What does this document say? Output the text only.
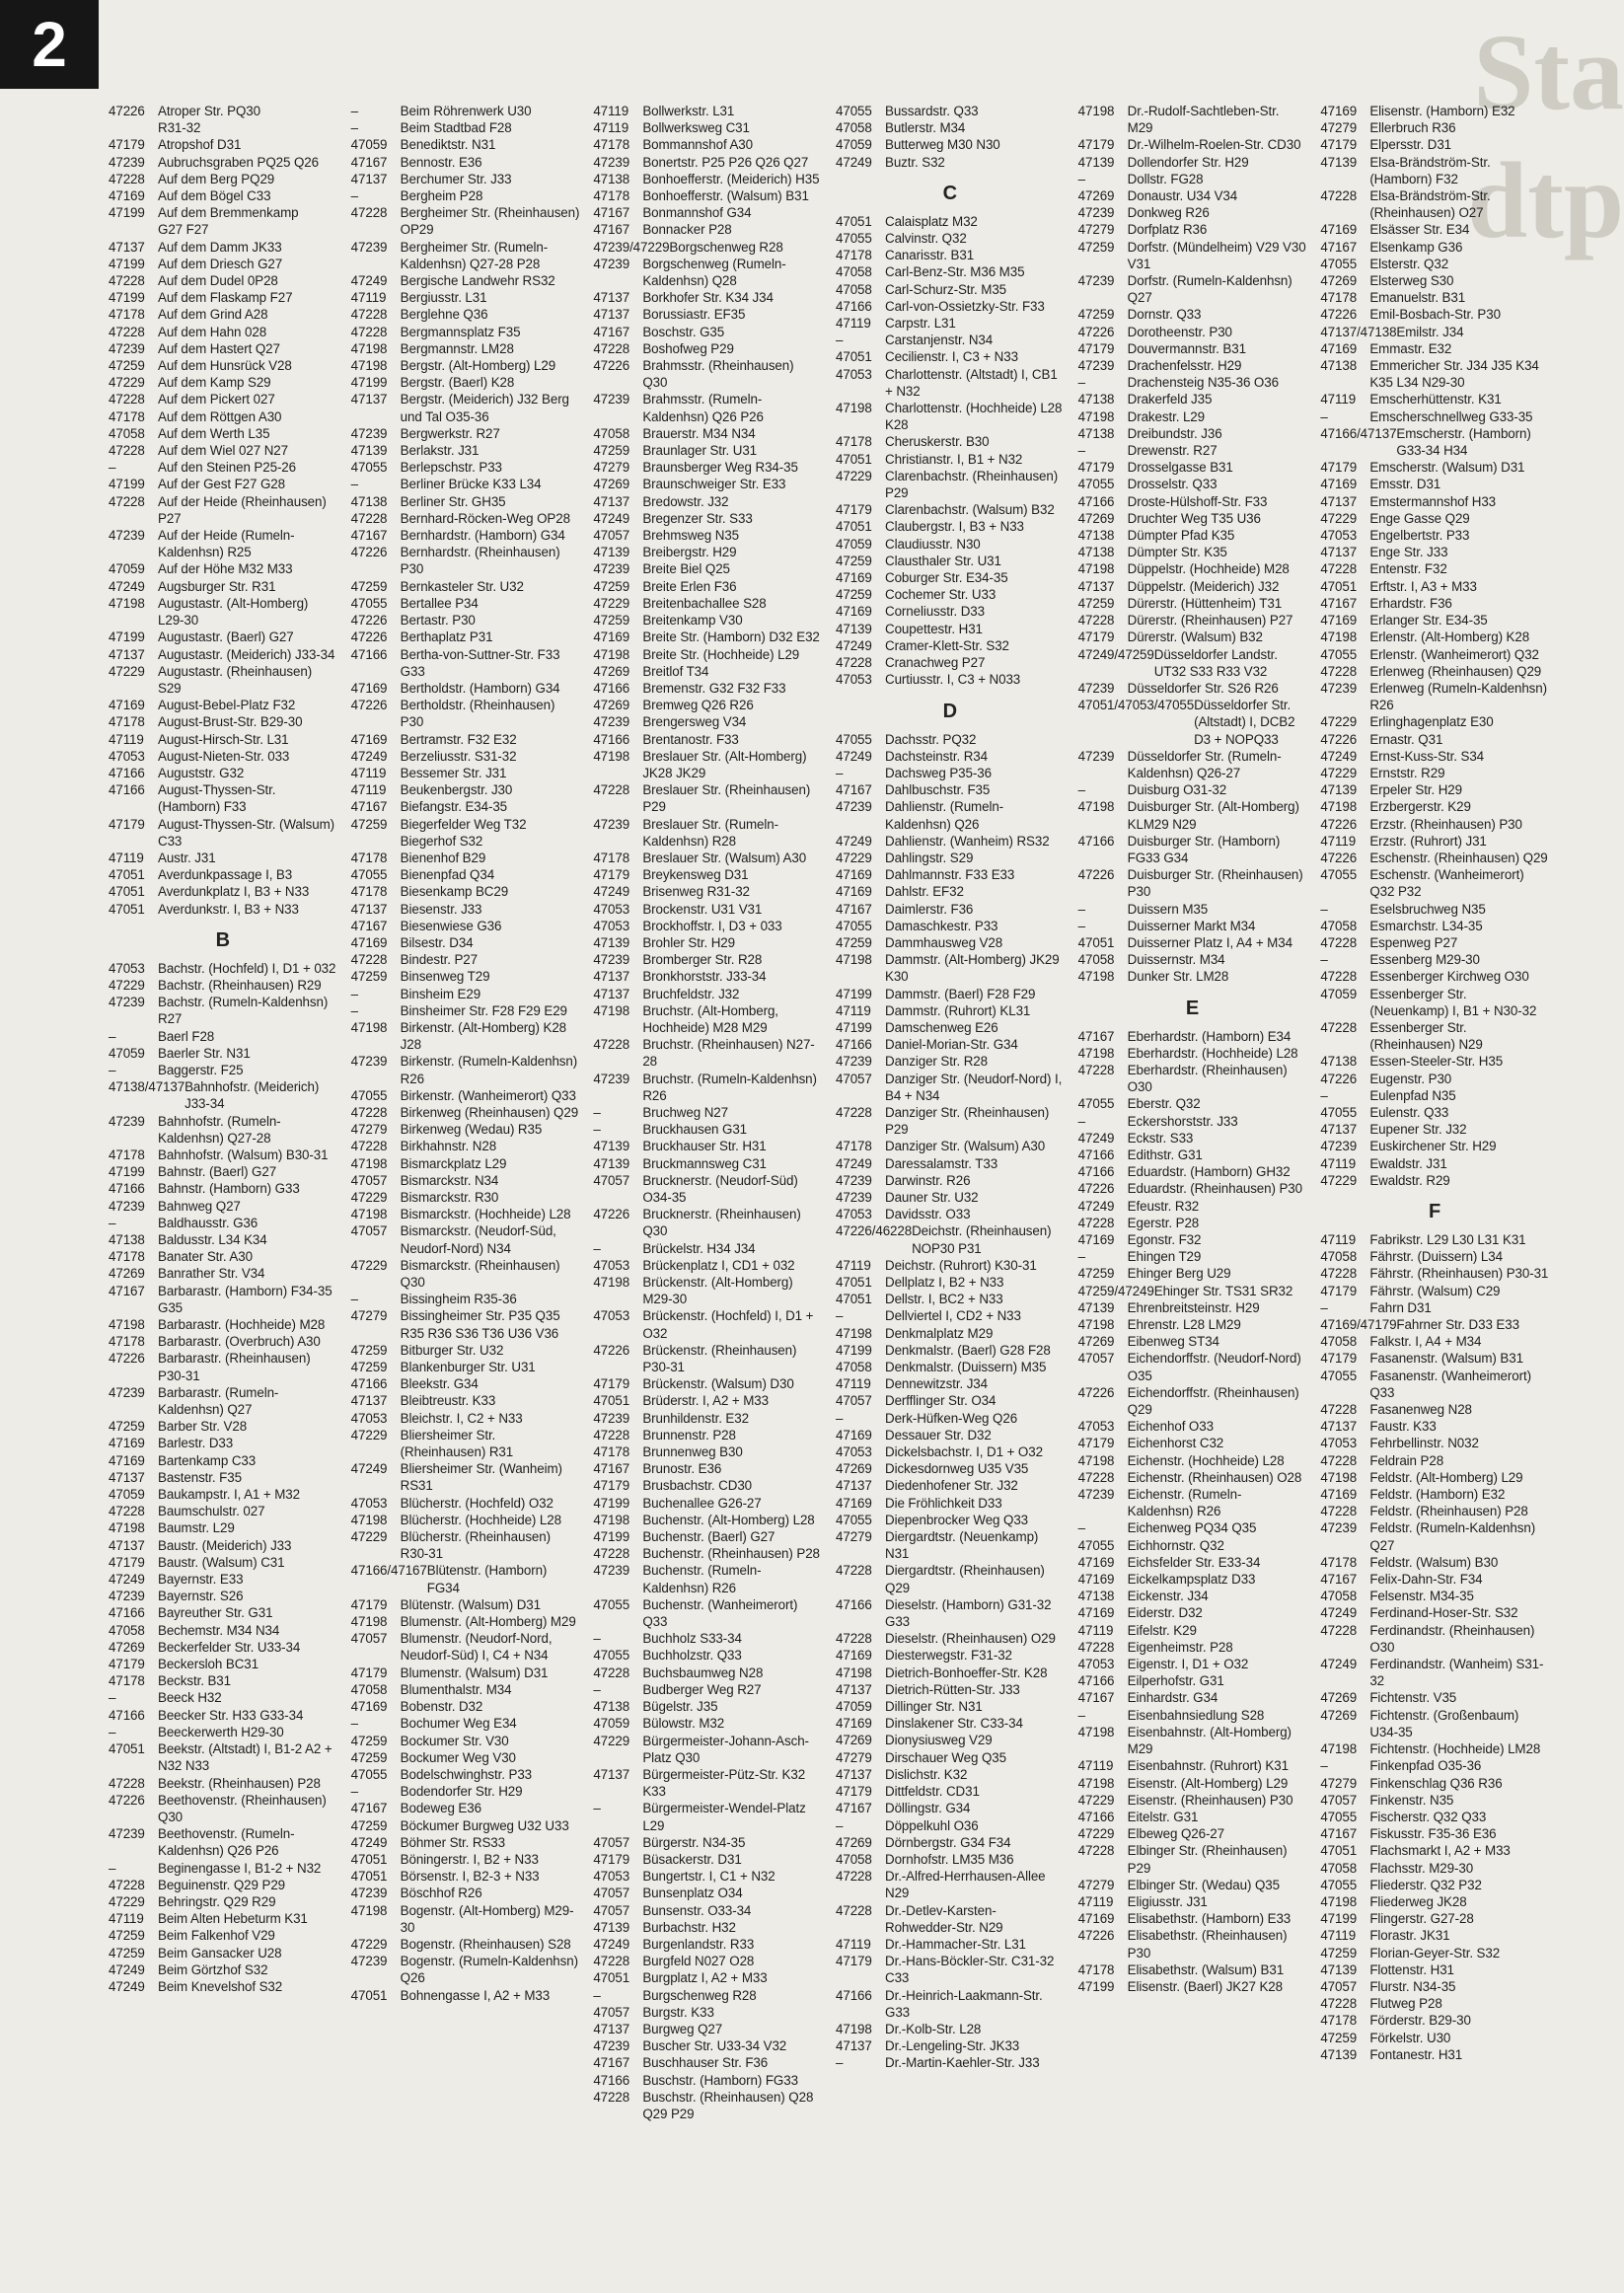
2	Sta
dtp
47226 Atroper Str. PQ30
R31-32
47179 Atropshof D31
47239 Aubruchsgraben PQ25 Q26
47228 Auf dem Berg PQ29
47169 Auf dem Bögel C33
47199 Auf dem Bremmenkamp
G27 F27
47137 Auf dem Damm JK33
47199 Auf dem Driesch G27
47228 Auf dem Dudel 0P28
47199 Auf dem Flaskamp F27
47178 Auf dem Grind A28
47228 Auf dem Hahn 028
47239 Auf dem Hastert Q27
47259 Auf dem Hunsrück V28
47229 Auf dem Kamp S29
47228 Auf dem Pickert 027
47178 Auf dem Röttgen A30
47058 Auf dem Werth L35
47228 Auf dem Wiel 027 N27
–	Auf den Steinen P25-26
47199 Auf der Gest F27 G28
47228 Auf der Heide (Rheinhausen) P27
47239 Auf der Heide (Rumeln-Kaldenhsn) R25
47059 Auf der Höhe M32 M33
47249 Augsburger Str. R31
47198 Augustastr. (Alt-Homberg) L29-30
47199 Augustastr. (Baerl) G27
47137 Augustastr. (Meiderich) J33-34
47229 Augustastr. (Rheinhausen) S29
47169 August-Bebel-Platz F32
47178 August-Brust-Str. B29-30
47119	August-Hirsch-Str. L31
47053 August-Nieten-Str. 033
47166 Auguststr. G32
47166 August-Thyssen-Str. (Hamborn) F33
47179 August-Thyssen-Str. (Walsum) C33
47119	Austr. J31
47051 Averdunkpassage I, B3
47051 Averdunkplatz I, B3 + N33
47051 Averdunkstr. I, B3 + N33
B
47053 Bachstr. (Hochfeld) I, D1 + 032
47229 Bachstr. (Rheinhausen) R29
47239 Bachstr. (Rumeln-Kaldenhsn) R27
–	Baerl F28
47059 Baerler Str. N31
–	Baggerstr. F25
47138/47137 Bahnhofstr. (Meiderich) J33-34
47239 Bahnhofstr. (Rumeln-Kaldenhsn) Q27-28
47178 Bahnhofstr. (Walsum) B30-31
47199 Bahnstr. (Baerl) G27
47166 Bahnstr. (Hamborn) G33
47239 Bahnweg Q27
–	Baldhausstr. G36
47138 Baldusstr. L34 K34
47178 Banater Str. A30
47269 Banrather Str. V34
47167 Barbarastr. (Hamborn) F34-35 G35
47198 Barbarastr. (Hochheide) M28
47178 Barbarastr. (Overbruch) A30
47226 Barbarastr. (Rheinhausen) P30-31
47239 Barbarastr. (Rumeln-Kaldenhsn) Q27
47259 Barber Str. V28
47169 Barlestr. D33
47169 Bartenkamp C33
47137 Bastenstr. F35
47059 Baukampstr. I, A1 + M32
47228 Baumschulstr. 027
47198 Baumstr. L29
47137 Baustr. (Meiderich) J33
47179 Baustr. (Walsum) C31
47249 Bayernstr. E33
47239 Bayernstr. S26
47166 Bayreuther Str. G31
47058 Bechemstr. M34 N34
47269 Beckerfelder Str. U33-34
47179 Beckersloh BC31
47178 Beckstr. B31
–	Beeck H32
47166 Beecker Str. H33 G33-34
–	Beeckerwerth H29-30
47051 Beekstr. (Altstadt) I, B1-2 A2 + N32 N33
47228 Beekstr. (Rheinhausen) P28
47226 Beethovenstr. (Rheinhausen) Q30
47239 Beethovenstr. (Rumeln-Kaldenhsn) Q26 P26
–	Beginengasse I, B1-2 + N32
47228 Beguinenstr. Q29 P29
47229 Behringstr. Q29 R29
47119	Beim Alten Hebeturm K31
47259 Beim Falkenhof V29
47259 Beim Gansacker U28
47249 Beim Görtzhof S32
47249 Beim Knevelshof S32
–	Beim Röhrenwerk U30
–	Beim Stadtbad F28
47059 Benediktstr. N31
47167 Bennostr. E36
47137 Berchumer Str. J33
–	Bergheim P28
47228 Bergheimer Str. (Rheinhausen) OP29
47239 Bergheimer Str. (Rumeln-Kaldenhsn) Q27-28 P28
47249 Bergische Landwehr RS32
47119	Bergiusstr. L31
47228 Berglehne Q36
47228 Bergmannsplatz F35
47198 Bergmannstr. LM28
47198 Bergstr. (Alt-Homberg) L29
47199 Bergstr. (Baerl) K28
47137 Bergstr. (Meiderich) J32 Berg und Tal O35-36
47239 Bergwerkstr. R27
47139 Berlakstr. J31
47055 Berlepschstr. P33
–	Berliner Brücke K33 L34
47138 Berliner Str. GH35
47228 Bernhard-Röcken-Weg OP28
47167 Bernhardstr. (Hamborn) G34
47226 Bernhardstr. (Rheinhausen) P30
47259 Bernkasteler Str. U32
47055 Bertallee P34
47226 Bertastr. P30
47226 Berthaplatz P31
47166 Bertha-von-Suttner-Str. F33 G33
47169 Bertholdstr. (Hamborn) G34
47226 Bertholdstr. (Rheinhausen) P30
47169 Bertramstr. F32 E32
47249 Berzeliusstr. S31-32
47119	Bessemer Str. J31
47119	Beukenbergstr. J30
47167 Biefangstr. E34-35
47259 Biegerfelder Weg T32 Biegerhof S32
47178 Bienenhof B29
47055 Bienenpfad Q34
47178 Biesenkamp BC29
47137 Biesenstr. J33
47167 Biesenwiese G36
47169 Bilsestr. D34
47228 Bindestr. P27
47259 Binsenweg T29
–	Binsheim E29
–	Binsheimer Str. F28 F29 E29
47198 Birkenstr. (Alt-Homberg) K28 J28
47239 Birkenstr. (Rumeln-Kaldenhsn) R26
47055 Birkenstr. (Wanheimerort) Q33
47228 Birkenweg (Rheinhausen) Q29
47279 Birkenweg (Wedau) R35
47228 Birkhahnstr. N28
47198 Bismarckplatz L29
47057 Bismarckstr. N34
47229 Bismarckstr. R30
47198 Bismarckstr. (Hochheide) L28
47057 Bismarckstr. (Neudorf-Süd, Neudorf-Nord) N34
47229 Bismarckstr. (Rheinhausen) Q30
–	Bissingheim R35-36
47279 Bissingheimer Str. P35 Q35 R35 R36 S36 T36 U36 V36
47259 Bitburger Str. U32
47259 Blankenburger Str. U31
47166 Bleekstr. G34
47137 Bleibtreustr. K33
47053 Bleichstr. I, C2 + N33
47229 Bliersheimer Str. (Rheinhausen) R31
47249 Bliersheimer Str. (Wanheim) RS31
47053 Blücherstr. (Hochfeld) O32
47198 Blücherstr. (Hochheide) L28
47229 Blücherstr. (Rheinhausen) R30-31
47166/47167 Blütenstr. (Hamborn) FG34
47179 Blütenstr. (Walsum) D31
47198 Blumenstr. (Alt-Homberg) M29
47057 Blumenstr. (Neudorf-Nord, Neudorf-Süd) I, C4 + N34
47179 Blumenstr. (Walsum) D31
47058 Blumenthalstr. M34
47169 Bobenstr. D32
–	Bochumer Weg E34
47259 Bockumer Str. V30
47259 Bockumer Weg V30
47055 Bodelschwinghstr. P33
–	Bodendorfer Str. H29
47167 Bodeweg E36
47259 Böckumer Burgweg U32 U33
47249 Böhmer Str. RS33
47051 Böningerstr. I, B2 + N33
47051 Börsenstr. I, B2-3 + N33
47239 Böschhof R26
47198 Bogenstr. (Alt-Homberg) M29-30
47229 Bogenstr. (Rheinhausen) S28
47239 Bogenstr. (Rumeln-Kaldenhsn) Q26
47051 Bohnengasse I, A2 + M33
47119	Bollwerkstr. L31
47119	Bollwerksweg C31
47178 Bommannshof A30
47239 Bonertstr. P25 P26 Q26 Q27
47138 Bonhoefferstr. (Meiderich) H35
47178 Bonhoefferstr. (Walsum) B31
47167 Bonmannshof G34
47167 Bonnacker P28
47239/47229 Borgschenweg R28
47239 Borgschenweg (Rumeln-Kaldenhsn) Q28
47137 Borkhofer Str. K34 J34
47137 Borussiastr. EF35
47167 Boschstr. G35
47228 Boshofweg P29
47226 Brahmsstr. (Rheinhausen) Q30
47239 Brahmsstr. (Rumeln-Kaldenhsn) Q26 P26
47058 Brauerstr. M34 N34
47259 Braunlager Str. U31
47279 Braunsberger Weg R34-35
47269 Braunschweiger Str. E33
47137 Bredowstr. J32
47249 Bregenzer Str. S33
47057 Brehmsweg N35
47139 Breibergstr. H29
47239 Breite Biel Q25
47259 Breite Erlen F36
47229 Breitenbachallee S28
47259 Breitenkamp V30
47169 Breite Str. (Hamborn) D32 E32
47198 Breite Str. (Hochheide) L29
47269 Breitlof T34
47166 Bremenstr. G32 F32 F33
47269 Bremweg Q26 R26
47239 Brengersweg V34
47166 Brentanostr. F33
47198 Breslauer Str. (Alt-Homberg) JK28 JK29
47228 Breslauer Str. (Rheinhausen) P29
47239 Breslauer Str. (Rumeln-Kaldenhsn) R28
47178 Breslauer Str. (Walsum) A30
47179 Breykensweg D31
47249 Brisenweg R31-32
47053 Brockenstr. U31 V31
47053 Brockhoffstr. I, D3 + 033
47139 Brohler Str. H29
47239 Bromberger Str. R28
47137 Bronkhorststr. J33-34
47137 Bruchfeldstr. J32
47198 Bruchstr. (Alt-Homberg, Hochheide) M28 M29
47228 Bruchstr. (Rheinhausen) N27-28
47239 Bruchstr. (Rumeln-Kaldenhsn) R26
–	Bruchweg N27
–	Bruckhausen G31
47139 Bruckhauser Str. H31
47139 Bruckmannsweg C31
47057 Brucknerstr. (Neudorf-Süd) O34-35
47226 Brucknerstr. (Rheinhausen) Q30
–	Brückelstr. H34 J34
47053 Brückenplatz I, CD1 + 032
47198 Brückenstr. (Alt-Homberg) M29-30
47053 Brückenstr. (Hochfeld) I, D1 + O32
47226 Brückenstr. (Rheinhausen) P30-31
47179 Brückenstr. (Walsum) D30
47051 Brüderstr. I, A2 + M33
47239 Brunhildenstr. E32
47228 Brunnenstr. P28
47178 Brunnenweg B30
47167 Brunostr. E36
47179 Brusbachstr. CD30
47199 Buchenallee G26-27
47198 Buchenstr. (Alt-Homberg) L28
47199 Buchenstr. (Baerl) G27
47228 Buchenstr. (Rheinhausen) P28
47239 Buchenstr. (Rumeln-Kaldenhsn) R26
47055 Buchenstr. (Wanheimerort) Q33
–	Buchholz S33-34
47055 Buchholzstr. Q33
47228 Buchsbaumweg N28
–	Budberger Weg R27
47138 Bügelstr. J35
47059 Bülowstr. M32
47229 Bürgermeister-Johann-Asch-Platz Q30
47137 Bürgermeister-Pütz-Str. K32 K33
–	Bürgermeister-Wendel-Platz L29
47057 Bürgerstr. N34-35
47179 Büsackerstr. D31
47053 Bungertstr. I, C1 + N32
47057 Bunsenplatz O34
47057 Bunsenstr. O33-34
47139 Burbachstr. H32
47249 Burgenlandstr. R33
47228 Burgfeld N027 O28
47051 Burgplatz I, A2 + M33
–	Burgschenweg R28
47057 Burgstr. K33
47137 Burgweg Q27
47239 Buscher Str. U33-34 V32
47167 Buschhauser Str. F36
47166 Buschstr. (Hamborn) FG33
47228 Buschstr. (Rheinhausen) Q28 Q29 P29
47055 Bussardstr. Q33
47058 Butlerstr. M34
47059 Butterweg M30 N30
47249 Buztr. S32
C
47051 Calaisplatz M32
47055 Calvinstr. Q32
47178 Canarisstr. B31
47058 Carl-Benz-Str. M36 M35
47058 Carl-Schurz-Str. M35
47166 Carl-von-Ossietzky-Str. F33
47119	Carpstr. L31
–	Carstanjenstr. N34
47051 Cecilienstr. I, C3 + N33
47053 Charlottenstr. (Altstadt) I, CB1 + N32
47198 Charlottenstr. (Hochheide) L28 K28
47178 Cheruskerstr. B30
47051 Christianstr. I, B1 + N32
47229 Clarenbachstr. (Rheinhausen) P29
47179 Clarenbachstr. (Walsum) B32
47051 Claubergstr. I, B3 + N33
47059 Claudiusstr. N30
47259 Clausthaler Str. U31
47169 Coburger Str. E34-35
47259 Cochemer Str. U33
47169 Corneliusstr. D33
47139 Coupettestr. H31
47249 Cramer-Klett-Str. S32
47228 Cranachweg P27
47053 Curtiusstr. I, C3 + N033
D
47055 Dachsstr. PQ32
47249 Dachsteinstr. R34
–	Dachsweg P35-36
47167 Dahlbuschstr. F35
47239 Dahlienstr. (Rumeln-Kaldenhsn) Q26
47249 Dahlienstr. (Wanheim) RS32
47229 Dahlingstr. S29
47169 Dahlmannstr. F33 E33
47169 Dahlstr. EF32
47167 Daimlerstr. F36
47055 Damaschkestr. P33
47259 Dammhausweg V28
47198 Dammstr. (Alt-Homberg) JK29 K30
47199 Dammstr. (Baerl) F28 F29
47119	Dammstr. (Ruhrort) KL31
47199 Damschenweg E26
47166 Daniel-Morian-Str. G34
47239 Danziger Str. R28
47057 Danziger Str. (Neudorf-Nord) I, B4 + N34
47228 Danziger Str. (Rheinhausen) P29
47178 Danziger Str. (Walsum) A30
47249 Daressalamstr. T33
47239 Darwinstr. R26
47239 Dauner Str. U32
47053 Davidsstr. O33
47226/46228 Deichstr. (Rheinhausen) NOP30 P31
47119	Deichstr. (Ruhrort) K30-31
47051 Dellplatz I, B2 + N33
47051 Dellstr. I, BC2 + N33
–	Dellviertel I, CD2 + N33
47198 Denkmalplatz M29
47199 Denkmalstr. (Baerl) G28 F28
47058 Denkmalstr. (Duissern) M35
47119	Dennewitzstr. J34
47057 Derfflinger Str. O34
–	Derk-Hüfken-Weg Q26
47169 Dessauer Str. D32
47053 Dickelsbachstr. I, D1 + O32
47269 Dickesdornweg U35 V35
47137 Diedenhofener Str. J32
47169 Die Fröhlichkeit D33
47055 Diepenbrocker Weg Q33
47279 Diergardtstr. (Neuenkamp) N31
47228 Diergardtstr. (Rheinhausen) Q29
47166 Dieselstr. (Hamborn) G31-32 G33
47228 Dieselstr. (Rheinhausen) O29
47169 Diesterwegstr. F31-32
47198 Dietrich-Bonhoeffer-Str. K28
47137 Dietrich-Rütten-Str. J33
47059 Dillinger Str. N31
47169 Dinslakener Str. C33-34
47269 Dionysiusweg V29
47279 Dirschauer Weg Q35
47137 Dislichstr. K32
47179 Dittfeldstr. CD31
47167 Döllingstr. G34
–	Döppelkuhl O36
47269 Dörnbergstr. G34 F34
47058 Dornhofstr. LM35 M36
47228 Dr.-Alfred-Herrhausen-Allee N29
47228 Dr.-Detlev-Karsten-Rohwedder-Str. N29
47119	Dr.-Hammacher-Str. L31
47179 Dr.-Hans-Böckler-Str. C31-32 C33
47166 Dr.-Heinrich-Laakmann-Str. G33
47198 Dr.-Kolb-Str. L28
47137 Dr.-Lengeling-Str. JK33
–	Dr.-Martin-Kaehler-Str. J33
47198 Dr.-Rudolf-Sachtleben-Str. M29
47179 Dr.-Wilhelm-Roelen-Str. CD30
47139 Dollendorfer Str. H29
–	Dollstr. FG28
47269 Donaustr. U34 V34
47239 Donkweg R26
47279 Dorfplatz R36
47259 Dorfstr. (Mündelheim) V29 V30 V31
47239 Dorfstr. (Rumeln-Kaldenhsn) Q27
47259 Dornstr. Q33
47226 Dorotheenstr. P30
47179 Douvermannstr. B31
47239 Drachenfelsstr. H29
–	Drachensteig N35-36 O36
47138 Drakerfeld J35
47198 Drakestr. L29
47138 Dreibundstr. J36
–	Drewenstr. R27
47179 Drosselgasse B31
47055 Drosselstr. Q33
47166 Droste-Hülshoff-Str. F33
47269 Druchter Weg T35 U36
47138 Dümpter Pfad K35
47138 Dümpter Str. K35
47198 Düppelstr. (Hochheide) M28
47137 Düppelstr. (Meiderich) J32
47259 Dürerstr. (Hüttenheim) T31
47228 Dürerstr. (Rheinhausen) P27
47179 Dürerstr. (Walsum) B32
47249/47259 Düsseldorfer Landstr. UT32 S33 R33 V32
47239 Düsseldorfer Str. S26 R26
47051/47053/47055 Düsseldorfer Str. (Altstadt) I, DCB2 D3 + NOPQ33
47239 Düsseldorfer Str. (Rumeln-Kaldenhsn) Q26-27
–	Duisburg O31-32
47198 Duisburger Str. (Alt-Homberg) KLM29 N29
47166 Duisburger Str. (Hamborn) FG33 G34
47226 Duisburger Str. (Rheinhausen) P30
–	Duissern M35
–	Duisserner Markt M34
47051 Duisserner Platz I, A4 + M34
47058 Duissernstr. M34
47198 Dunker Str. LM28
E
47167 Eberhardstr. (Hamborn) E34
47198 Eberhardstr. (Hochheide) L28
47228 Eberhardstr. (Rheinhausen) O30
47055 Eberstr. Q32
–	Eckershorststr. J33
47249 Eckstr. S33
47166 Edithstr. G31
47166 Eduardstr. (Hamborn) GH32
47226 Eduardstr. (Rheinhausen) P30
47249 Efeustr. R32
47228 Egerstr. P28
47169 Egonstr. F32
–	Ehingen T29
47259 Ehinger Berg U29
47259/47249 Ehinger Str. TS31 SR32
47139 Ehrenbreitsteinstr. H29
47198 Ehrenstr. L28 LM29
47269 Eibenweg ST34
47057 Eichendorffstr. (Neudorf-Nord) O35
47226 Eichendorffstr. (Rheinhausen) Q29
47053 Eichenhof O33
47179 Eichenhorst C32
47198 Eichenstr. (Hochheide) L28
47228 Eichenstr. (Rheinhausen) O28
47239 Eichenstr. (Rumeln-Kaldenhsn) R26
–	Eichenweg PQ34 Q35
47055 Eichhornstr. Q32
47169 Eichsfelder Str. E33-34
47169 Eickelkampsplatz D33
47138 Eickenstr. J34
47169 Eiderstr. D32
47119	Eifelstr. K29
47228 Eigenheimstr. P28
47053 Eigenstr. I, D1 + O32
47166 Eilperhofstr. G31
47167 Einhardstr. G34
–	Eisenbahnsiedlung S28
47198 Eisenbahnstr. (Alt-Homberg) M29
47119	Eisenbahnstr. (Ruhrort) K31
47198 Eisenstr. (Alt-Homberg) L29
47229 Eisenstr. (Rheinhausen) P30
47166 Eitelstr. G31
47229 Elbeweg Q26-27
47228 Elbinger Str. (Rheinhausen) P29
47279 Elbinger Str. (Wedau) Q35
47119	Eligiusstr. J31
47169 Elisabethstr. (Hamborn) E33
47226 Elisabethstr. (Rheinhausen) P30
47178 Elisabethstr. (Walsum) B31
47199 Elisenstr. (Baerl) JK27 K28
47169 Elisenstr. (Hamborn) E32
47279 Ellerbruch R36
47179 Elpersstr. D31
47139 Elsa-Brändström-Str. (Hamborn) F32
47228 Elsa-Brändström-Str. (Rheinhausen) O27
47169 Elsässer Str. E34
47167 Elsenkamp G36
47055 Elsterstr. Q32
47269 Elsterweg S30
47178 Emanuelstr. B31
47226 Emil-Bosbach-Str. P30
47137/47138 Emilstr. J34
47169 Emmastr. E32
47138 Emmericher Str. J34 J35 K34 K35 L34 N29-30
47119	Emscherhüttenstr. K31
–	Emscherschnellweg G33-35
47166/47137 Emscherstr. (Hamborn) G33-34 H34
47179 Emscherstr. (Walsum) D31
47169 Emsstr. D31
47137 Emstermannshof H33
47229 Enge Gasse Q29
47053 Engelbertstr. P33
47137 Enge Str. J33
47228 Entenstr. F32
47051 Erftstr. I, A3 + M33
47167 Erhardstr. F36
47169 Erlanger Str. E34-35
47198 Erlenstr. (Alt-Homberg) K28
47055 Erlenstr. (Wanheimerort) Q32
47228 Erlenweg (Rheinhausen) Q29
47239 Erlenweg (Rumeln-Kaldenhsn) R26
47229 Erlinghagenplatz E30
47226 Ernastr. Q31
47249 Ernst-Kuss-Str. S34
47229 Ernststr. R29
47139 Erpeler Str. H29
47198 Erzbergerstr. K29
47226 Erzstr. (Rheinhausen) P30
47119	Erzstr. (Ruhrort) J31
47226 Eschenstr. (Rheinhausen) Q29
47055 Eschenstr. (Wanheimerort) Q32 P32
–	Eselsbruchweg N35
47058 Esmarchstr. L34-35
47228 Espenweg P27
–	Essenberg M29-30
47228 Essenberger Kirchweg O30
47059 Essenberger Str. (Neuenkamp) I, B1 + N30-32
47228 Essenberger Str. (Rheinhausen) N29
47138 Essen-Steeler-Str. H35
47226 Eugenstr. P30
–	Eulenpfad N35
47055 Eulenstr. Q33
47137 Eupener Str. J32
47239 Euskirchener Str. H29
47119	Ewaldstr. J31
47229 Ewaldstr. R29
F
47119	Fabrikstr. L29 L30 L31 K31
47058 Fährstr. (Duissern) L34
47228 Fährstr. (Rheinhausen) P30-31
47179 Fährstr. (Walsum) C29
–	Fahrn D31
47169/47179 Fahrner Str. D33 E33
47058 Falkstr. I, A4 + M34
47179 Fasanenstr. (Walsum) B31
47055 Fasanenstr. (Wanheimerort) Q33
47228 Fasanenweg N28
47137 Faustr. K33
47053 Fehrbellinstr. N032
47228 Feldrain P28
47198 Feldstr. (Alt-Homberg) L29
47169 Feldstr. (Hamborn) E32
47228 Feldstr. (Rheinhausen) P28
47239 Feldstr. (Rumeln-Kaldenhsn) Q27
47178 Feldstr. (Walsum) B30
47167 Felix-Dahn-Str. F34
47058 Felsenstr. M34-35
47249 Ferdinand-Hoser-Str. S32
47228 Ferdinandstr. (Rheinhausen) O30
47249 Ferdinandstr. (Wanheim) S31-32
47269 Fichtenstr. V35
47269 Fichtenstr. (Großenbaum) U34-35
47198 Fichtenstr. (Hochheide) LM28
–	Finkenpfad O35-36
47279 Finkenschlag Q36 R36
47057 Finkenstr. N35
47055 Fischerstr. Q32 Q33
47167 Fiskusstr. F35-36 E36
47051 Flachsmarkt I, A2 + M33
47058 Flachsstr. M29-30
47055 Fliederstr. Q32 P32
47198 Fliederweg JK28
47199 Flingerstr. G27-28
47119	Florastr. JK31
47259 Florian-Geyer-Str. S32
47139 Flottenstr. H31
47057 Flurstr. N34-35
47228 Flutweg P28
47178 Förderstr. B29-30
47259 Förkelstr. U30
47139 Fontanestr. H31
